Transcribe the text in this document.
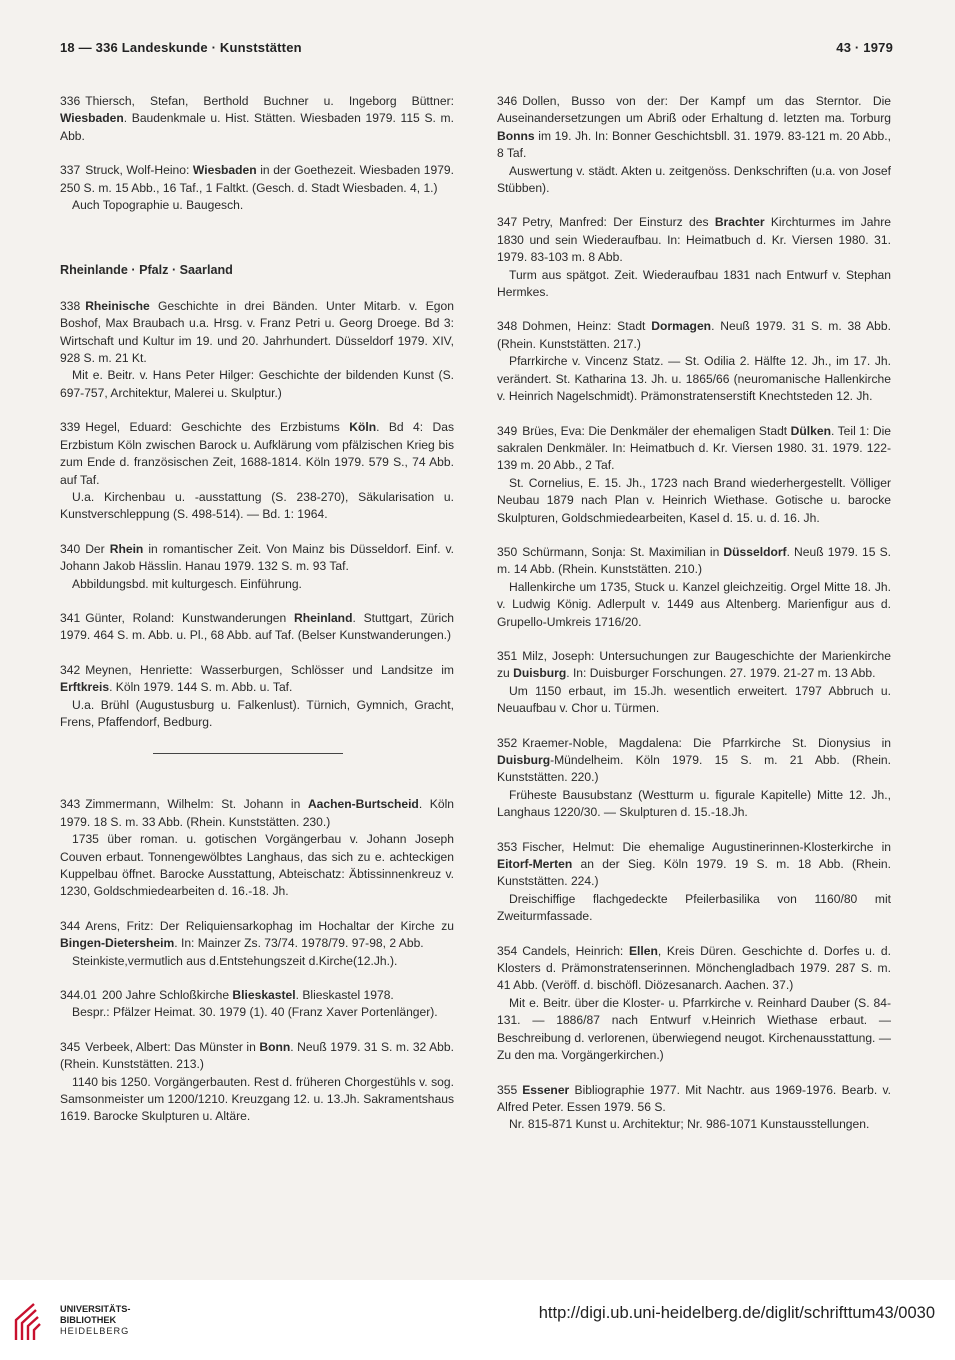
18 — 336 Landeskunde · Kunststätten	43 · 1979

336 Thiersch, Stefan, Berthold Buchner u. Ingeborg Büttner: Wiesbaden. Baudenkmale u. Hist. Stätten. Wiesbaden 1979. 115 S. m. Abb.

337 Struck, Wolf-Heino: Wiesbaden in der Goethezeit. Wiesbaden 1979. 250 S. m. 15 Abb., 16 Taf., 1 Faltkt. (Gesch. d. Stadt Wiesbaden. 4, 1.)

Auch Topographie u. Baugesch.

Rheinlande · Pfalz · Saarland

338 Rheinische Geschichte in drei Bänden. Unter Mitarb. v. Egon Boshof, Max Braubach u.a. Hrsg. v. Franz Petri u. Georg Droege. Bd 3: Wirtschaft und Kultur im 19. und 20. Jahrhundert. Düsseldorf 1979. XIV, 928 S. m. 21 Kt.

Mit e. Beitr. v. Hans Peter Hilger: Geschichte der bildenden Kunst (S. 697-757, Architektur, Malerei u. Skulptur.)

339 Hegel, Eduard: Geschichte des Erzbistums Köln. Bd 4: Das Erzbistum Köln zwischen Barock u. Aufklärung vom pfälzischen Krieg bis zum Ende d. französischen Zeit, 1688-1814. Köln 1979. 579 S., 74 Abb. auf Taf.

U.a. Kirchenbau u. -ausstattung (S. 238-270), Säkularisation u. Kunstverschleppung (S. 498-514). — Bd. 1: 1964.

340 Der Rhein in romantischer Zeit. Von Mainz bis Düsseldorf. Einf. v. Johann Jakob Hässlin. Hanau 1979. 132 S. m. 93 Taf.

Abbildungsbd. mit kulturgesch. Einführung.

341 Günter, Roland: Kunstwanderungen Rheinland. Stuttgart, Zürich 1979. 464 S. m. Abb. u. Pl., 68 Abb. auf Taf. (Belser Kunstwanderungen.)

342 Meynen, Henriette: Wasserburgen, Schlösser und Landsitze im Erftkreis. Köln 1979. 144 S. m. Abb. u. Taf.

U.a. Brühl (Augustusburg u. Falkenlust). Türnich, Gymnich, Gracht, Frens, Pfaffendorf, Bedburg.

343 Zimmermann, Wilhelm: St. Johann in Aachen-Burtscheid. Köln 1979. 18 S. m. 33 Abb. (Rhein. Kunststätten. 230.)

1735 über roman. u. gotischen Vorgängerbau v. Johann Joseph Couven erbaut. Tonnengewölbtes Langhaus, das sich zu e. achteckigen Kuppelbau öffnet. Barocke Ausstattung, Abteischatz: Äbtissinnenkreuz v. 1230, Goldschmiedearbeiten d. 16.-18. Jh.

344 Arens, Fritz: Der Reliquiensarkophag im Hochaltar der Kirche zu Bingen-Dietersheim. In: Mainzer Zs. 73/74. 1978/79. 97-98, 2 Abb.

Steinkiste,vermutlich aus d.Entstehungszeit d.Kirche(12.Jh.).

344.01 200 Jahre Schloßkirche Blieskastel. Blieskastel 1978.

Bespr.: Pfälzer Heimat. 30. 1979 (1). 40 (Franz Xaver Portenlänger).

345 Verbeek, Albert: Das Münster in Bonn. Neuß 1979. 31 S. m. 32 Abb. (Rhein. Kunststätten. 213.)

1140 bis 1250. Vorgängerbauten. Rest d. früheren Chorgestühls v. sog. Samsonmeister um 1200/1210. Kreuzgang 12. u. 13.Jh. Sakramentshaus 1619. Barocke Skulpturen u. Altäre.

346 Dollen, Busso von der: Der Kampf um das Sterntor. Die Auseinandersetzungen um Abriß oder Erhaltung d. letzten ma. Torburg Bonns im 19. Jh. In: Bonner Geschichtsbll. 31. 1979. 83-121 m. 20 Abb., 8 Taf.

Auswertung v. städt. Akten u. zeitgenöss. Denkschriften (u.a. von Josef Stübben).

347 Petry, Manfred: Der Einsturz des Brachter Kirchturmes im Jahre 1830 und sein Wiederaufbau. In: Heimatbuch d. Kr. Viersen 1980. 31. 1979. 83-103 m. 8 Abb.

Turm aus spätgot. Zeit. Wiederaufbau 1831 nach Entwurf v. Stephan Hermkes.

348 Dohmen, Heinz: Stadt Dormagen. Neuß 1979. 31 S. m. 38 Abb. (Rhein. Kunststätten. 217.)

Pfarrkirche v. Vincenz Statz. — St. Odilia 2. Hälfte 12. Jh., im 17. Jh. verändert. St. Katharina 13. Jh. u. 1865/66 (neuromanische Hallenkirche v. Heinrich Nagelschmidt). Prämonstratenserstift Knechtsteden 12. Jh.

349 Brües, Eva: Die Denkmäler der ehemaligen Stadt Dülken. Teil 1: Die sakralen Denkmäler. In: Heimatbuch d. Kr. Viersen 1980. 31. 1979. 122-139 m. 20 Abb., 2 Taf.

St. Cornelius, E. 15. Jh., 1723 nach Brand wiederhergestellt. Völliger Neubau 1879 nach Plan v. Heinrich Wiethase. Gotische u. barocke Skulpturen, Goldschmiedearbeiten, Kasel d. 15. u. d. 16. Jh.

350 Schürmann, Sonja: St. Maximilian in Düsseldorf. Neuß 1979. 15 S. m. 14 Abb. (Rhein. Kunststätten. 210.)

Hallenkirche um 1735, Stuck u. Kanzel gleichzeitig. Orgel Mitte 18. Jh. v. Ludwig König. Adlerpult v. 1449 aus Altenberg. Marienfigur aus d. Grupello-Umkreis 1716/20.

351 Milz, Joseph: Untersuchungen zur Baugeschichte der Marienkirche zu Duisburg. In: Duisburger Forschungen. 27. 1979. 21-27 m. 13 Abb.

Um 1150 erbaut, im 15.Jh. wesentlich erweitert. 1797 Abbruch u. Neuaufbau v. Chor u. Türmen.

352 Kraemer-Noble, Magdalena: Die Pfarrkirche St. Dionysius in Duisburg-Mündelheim. Köln 1979. 15 S. m. 21 Abb. (Rhein. Kunststätten. 220.)

Früheste Bausubstanz (Westturm u. figurale Kapitelle) Mitte 12. Jh., Langhaus 1220/30. — Skulpturen d. 15.-18.Jh.

353 Fischer, Helmut: Die ehemalige Augustinerinnen-Klosterkirche in Eitorf-Merten an der Sieg. Köln 1979. 19 S. m. 18 Abb. (Rhein. Kunststätten. 224.)

Dreischiffige flachgedeckte Pfeilerbasilika von 1160/80 mit Zweiturmfassade.

354 Candels, Heinrich: Ellen, Kreis Düren. Geschichte d. Dorfes u. d. Klosters d. Prämonstratenserinnen. Mönchengladbach 1979. 287 S. m. 41 Abb. (Veröff. d. bischöfl. Diözesanarch. Aachen. 37.)

Mit e. Beitr. über die Kloster- u. Pfarrkirche v. Reinhard Dauber (S. 84-131. — 1886/87 nach Entwurf v.Heinrich Wiethase erbaut. — Beschreibung d. verlorenen, überwiegend neugot. Kirchenausstattung. — Zu den ma. Vorgängerkirchen.)

355 Essener Bibliographie 1977. Mit Nachtr. aus 1969-1976. Bearb. v. Alfred Peter. Essen 1979. 56 S.

Nr. 815-871 Kunst u. Architektur; Nr. 986-1071 Kunstausstellungen.

UNIVERSITÄTS-
BIBLIOTHEK
HEIDELBERG
http://digi.ub.uni-heidelberg.de/diglit/schrifttum43/0030
